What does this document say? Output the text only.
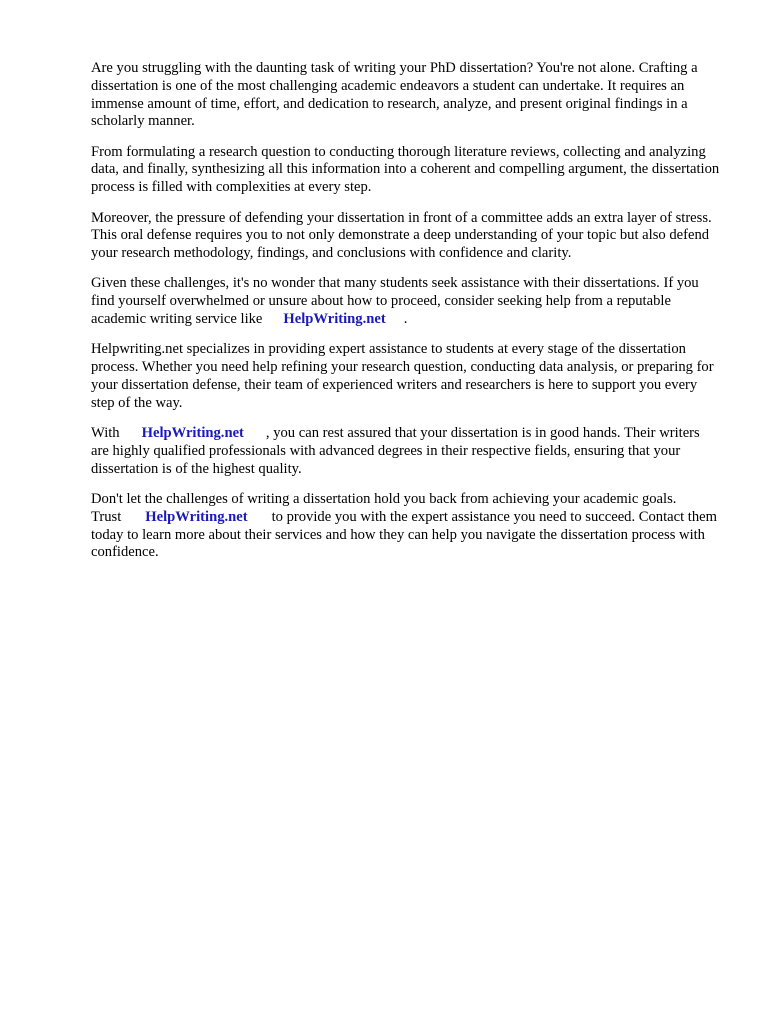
Are you struggling with the daunting task of writing your PhD dissertation? You're not alone. Crafting a dissertation is one of the most challenging academic endeavors a student can undertake. It requires an immense amount of time, effort, and dedication to research, analyze, and present original findings in a scholarly manner.

From formulating a research question to conducting thorough literature reviews, collecting and analyzing data, and finally, synthesizing all this information into a coherent and compelling argument, the dissertation process is filled with complexities at every step.

Moreover, the pressure of defending your dissertation in front of a committee adds an extra layer of stress. This oral defense requires you to not only demonstrate a deep understanding of your topic but also defend your research methodology, findings, and conclusions with confidence and clarity.

Given these challenges, it's no wonder that many students seek assistance with their dissertations. If you find yourself overwhelmed or unsure about how to proceed, consider seeking help from a reputable academic writing service like HelpWriting.net .

Helpwriting.net specializes in providing expert assistance to students at every stage of the dissertation process. Whether you need help refining your research question, conducting data analysis, or preparing for your dissertation defense, their team of experienced writers and researchers is here to support you every step of the way.

With HelpWriting.net , you can rest assured that your dissertation is in good hands. Their writers are highly qualified professionals with advanced degrees in their respective fields, ensuring that your dissertation is of the highest quality.

Don't let the challenges of writing a dissertation hold you back from achieving your academic goals. Trust HelpWriting.net to provide you with the expert assistance you need to succeed. Contact them today to learn more about their services and how they can help you navigate the dissertation process with confidence.
